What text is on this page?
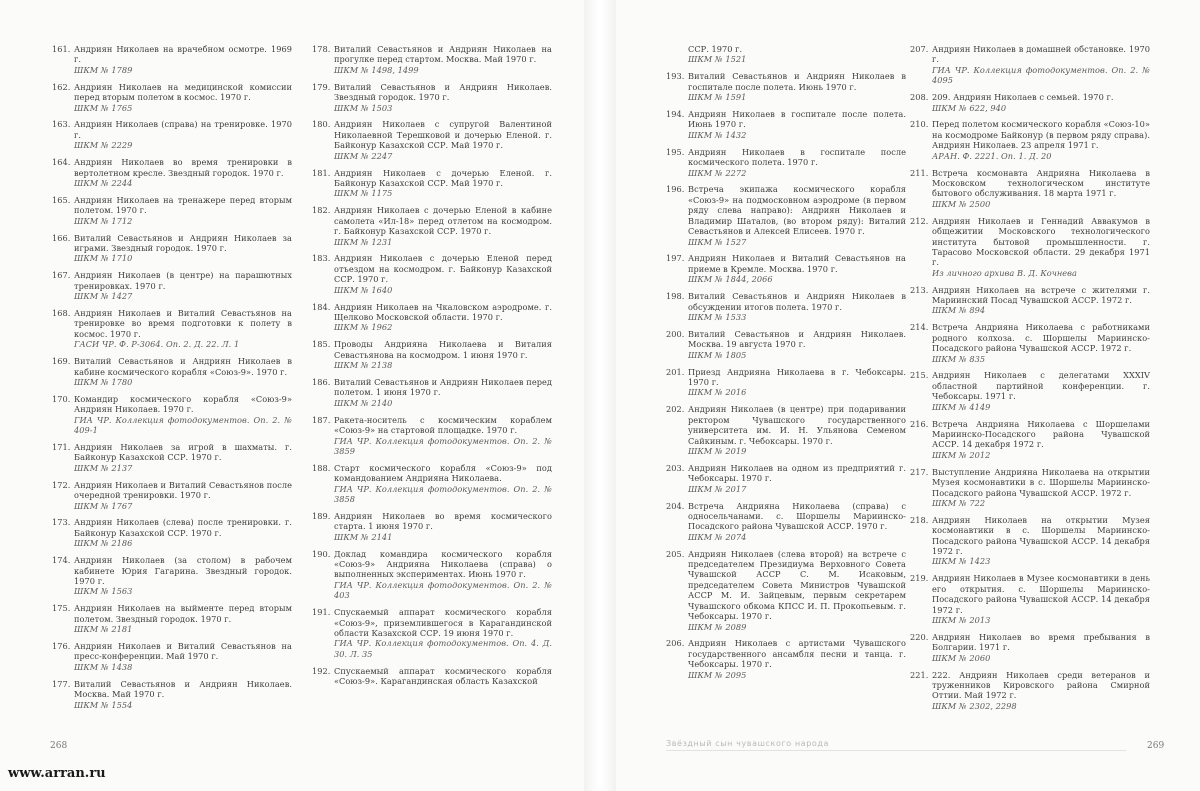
161. Андриян Николаев на врачебном осмотре. 1969 г.
ШКМ № 1789
162. Андриян Николаев на медицинской комиссии перед вторым полетом в космос. 1970 г.
ШКМ № 1765
163. Андриян Николаев (справа) на тренировке. 1970 г.
ШКМ № 2229
164. Андриян Николаев во время тренировки в вертолетном кресле. Звездный городок. 1970 г.
ШКМ № 2244
165. Андриян Николаев на тренажере перед вторым полетом. 1970 г.
ШКМ № 1712
166. Виталий Севастьянов и Андриян Николаев за играми. Звездный городок. 1970 г.
ШКМ № 1710
167. Андриян Николаев (в центре) на парашютных тренировках. 1970 г.
ШКМ № 1427
168. Андриян Николаев и Виталий Севастьянов на тренировке во время подготовки к полету в космос. 1970 г.
ГАСИ ЧР. Ф. Р-3064. Оп. 2. Д. 22. Л. 1
169. Виталий Севастьянов и Андриян Николаев в кабине космического корабля «Союз-9». 1970 г.
ШКМ № 1780
170. Командир космического корабля «Союз-9» Андриян Николаев. 1970 г.
ГИА ЧР. Коллекция фотодокументов. Оп. 2. № 409-1
171. Андриян Николаев за игрой в шахматы. г. Байконур Казахской ССР. 1970 г.
ШКМ № 2137
172. Андриян Николаев и Виталий Севастьянов после очередной тренировки. 1970 г.
ШКМ № 1767
173. Андриян Николаев (слева) после тренировки. г. Байконур Казахской ССР. 1970 г.
ШКМ № 2186
174. Андриян Николаев (за столом) в рабочем кабинете Юрия Гагарина. Звездный городок. 1970 г.
ШКМ № 1563
175. Андриян Николаев на выйменте перед вторым полетом. Звездный городок. 1970 г.
ШКМ № 2181
176. Андриян Николаев и Виталий Севастьянов на пресс-конференции. Май 1970 г.
ШКМ № 1438
177. Виталий Севастьянов и Андриян Николаев. Москва. Май 1970 г.
ШКМ № 1554
178. Виталий Севастьянов и Андриян Николаев на прогулке перед стартом. Москва. Май 1970 г.
ШКМ № 1498, 1499
179. Виталий Севастьянов и Андриян Николаев. Звездный городок. 1970 г.
ШКМ № 1503
180. Андриян Николаев с супругой Валентиной Николаевной Терешковой и дочерью Еленой. г. Байконур Казахской ССР. Май 1970 г.
ШКМ № 2247
181. Андриян Николаев с дочерью Еленой. г. Байконур Казахской ССР. Май 1970 г.
ШКМ № 1175
182. Андриян Николаев с дочерью Еленой в кабине самолета «Ил-18» перед отлетом на космодром. г. Байконур Казахской ССР. 1970 г.
ШКМ № 1231
183. Андриян Николаев с дочерью Еленой перед отъездом на космодром. г. Байконур Казахской ССР. 1970 г.
ШКМ № 1640
184. Андриян Николаев на Чкаловском аэродроме. г. Щелково Московской области. 1970 г.
ШКМ № 1962
185. Проводы Андрияна Николаева и Виталия Севастьянова на космодром. 1 июня 1970 г.
ШКМ № 2138
186. Виталий Севастьянов и Андриян Николаев перед полетом. 1 июня 1970 г.
ШКМ № 2140
187. Ракета-носитель с космическим кораблем «Союз-9» на стартовой площадке. 1970 г.
ГИА ЧР. Коллекция фотодокументов. Оп. 2. № 3859
188. Старт космического корабля «Союз-9» под командованием Андрияна Николаева.
ГИА ЧР. Коллекция фотодокументов. Оп. 2. № 3858
189. Андриян Николаев во время космического старта. 1 июня 1970 г.
ШКМ № 2141
190. Доклад командира космического корабля «Союз-9» Андрияна Николаева (справа) о выполненных экспериментах. Июнь 1970 г.
ГИА ЧР. Коллекция фотодокументов. Оп. 2. № 403
191. Спускаемый аппарат космического корабля «Союз-9», приземлившегося в Карагандинской области Казахской ССР. 19 июня 1970 г.
ГИА ЧР. Коллекция фотодокументов. Оп. 4. Д. 30. Л. 35
192. Спускаемый аппарат космического корабля «Союз-9». Карагандинская область Казахской
ССР. 1970 г.
ШКМ № 1521
193. Виталий Севастьянов и Андриян Николаев в госпитале после полета. Июнь 1970 г.
ШКМ № 1591
194. Андриян Николаев в госпитале после полета. Июнь 1970 г.
ШКМ № 1432
195. Андриян Николаев в госпитале после космического полета. 1970 г.
ШКМ № 2272
196. Встреча экипажа космического корабля «Союз-9» на подмосковном аэродроме (в первом ряду слева направо): Андриян Николаев и Владимир Шаталов, (во втором ряду): Виталий Севастьянов и Алексей Елисеев. 1970 г.
ШКМ № 1527
197. Андриян Николаев и Виталий Севастьянов на приеме в Кремле. Москва. 1970 г.
ШКМ № 1844, 2066
198. Виталий Севастьянов и Андриян Николаев в обсуждении итогов полета. 1970 г.
ШКМ № 1533
200. Виталий Севастьянов и Андриян Николаев. Москва. 19 августа 1970 г.
ШКМ № 1805
201. Приезд Андрияна Николаева в г. Чебоксары. 1970 г.
ШКМ № 2016
202. Андриян Николаев (в центре) при подаривании ректором Чувашского государственного университета им. И. Н. Ульянова Семеном Сайкиным. г. Чебоксары. 1970 г.
ШКМ № 2019
203. Андриян Николаев на одном из предприятий г. Чебоксары. 1970 г.
ШКМ № 2017
204. Встреча Андрияна Николаева (справа) с односельчанами. с. Шоршелы Мариинско-Посадского района Чувашской АССР. 1970 г.
ШКМ № 2074
205. Андриян Николаев (слева второй) на встрече с председателем Президиума Верховного Совета Чувашской АССР С. М. Исаковым, председателем Совета Министров Чувашской АССР М. И. Зайцевым, первым секретарем Чувашского обкома КПСС И. П. Прокопьевым. г. Чебоксары. 1970 г.
ШКМ № 2089
206. Андриян Николаев с артистами Чувашского государственного ансамбля песни и танца. г. Чебоксары. 1970 г.
ШКМ № 2095
207. Андриян Николаев в домашней обстановке. 1970 г.
ГИА ЧР. Коллекция фотодокументов. Оп. 2. № 4095
208. 209. Андриян Николаев с семьей. 1970 г.
ШКМ № 622, 940
210. Перед полетом космического корабля «Союз-10» на космодроме Байконур (в первом ряду справа). Андриян Николаев. 23 апреля 1971 г.
АРАН. Ф. 2221. Оп. 1. Д. 20
211. Встреча космонавта Андрияна Николаева в Московском технологическом институте бытового обслуживания. 18 марта 1971 г.
ШКМ № 2500
212. Андриян Николаев и Геннадий Аввакумов в общежитии Московского технологического института бытовой промышленности. г. Тарасово Московской области. 29 декабря 1971 г.
Из личного архива В. Д. Кочнева
213. Андриян Николаев на встрече с жителями г. Мариинский Посад Чувашской АССР. 1972 г.
ШКМ № 894
214. Встреча Андрияна Николаева с работниками родного колхоза. с. Шоршелы Мариинско-Посадского района Чувашской АССР. 1972 г.
ШКМ № 835
215. Андриян Николаев с делегатами XXXIV областной партийной конференции. г. Чебоксары. 1971 г.
ШКМ № 4149
216. Встреча Андрияна Николаева с Шоршелами Мариинско-Посадского района Чувашской АССР. 14 декабря 1972 г.
ШКМ № 2012
217. Выступление Андрияна Николаева на открытии Музея космонавтики в с. Шоршелы Мариинско-Посадского района Чувашской АССР. 1972 г.
ШКМ № 722
218. Андриян Николаев на открытии Музея космонавтики в с. Шоршелы Мариинско-Посадского района Чувашской АССР. 14 декабря 1972 г.
ШКМ № 1423
219. Андриян Николаев в Музее космонавтики в день его открытия. с. Шоршелы Мариинско-Посадского района Чувашской АССР. 14 декабря 1972 г.
ШКМ № 2013
220. Андриян Николаев во время пребывания в Болгарии. 1971 г.
ШКМ № 2060
221. 222. Андриян Николаев среди ветеранов и труженников Кировского района Смирной Оттии. Май 1972 г.
ШКМ № 2302, 2298
268	Звёздный сын чувашского народа	269
www.arran.ru
